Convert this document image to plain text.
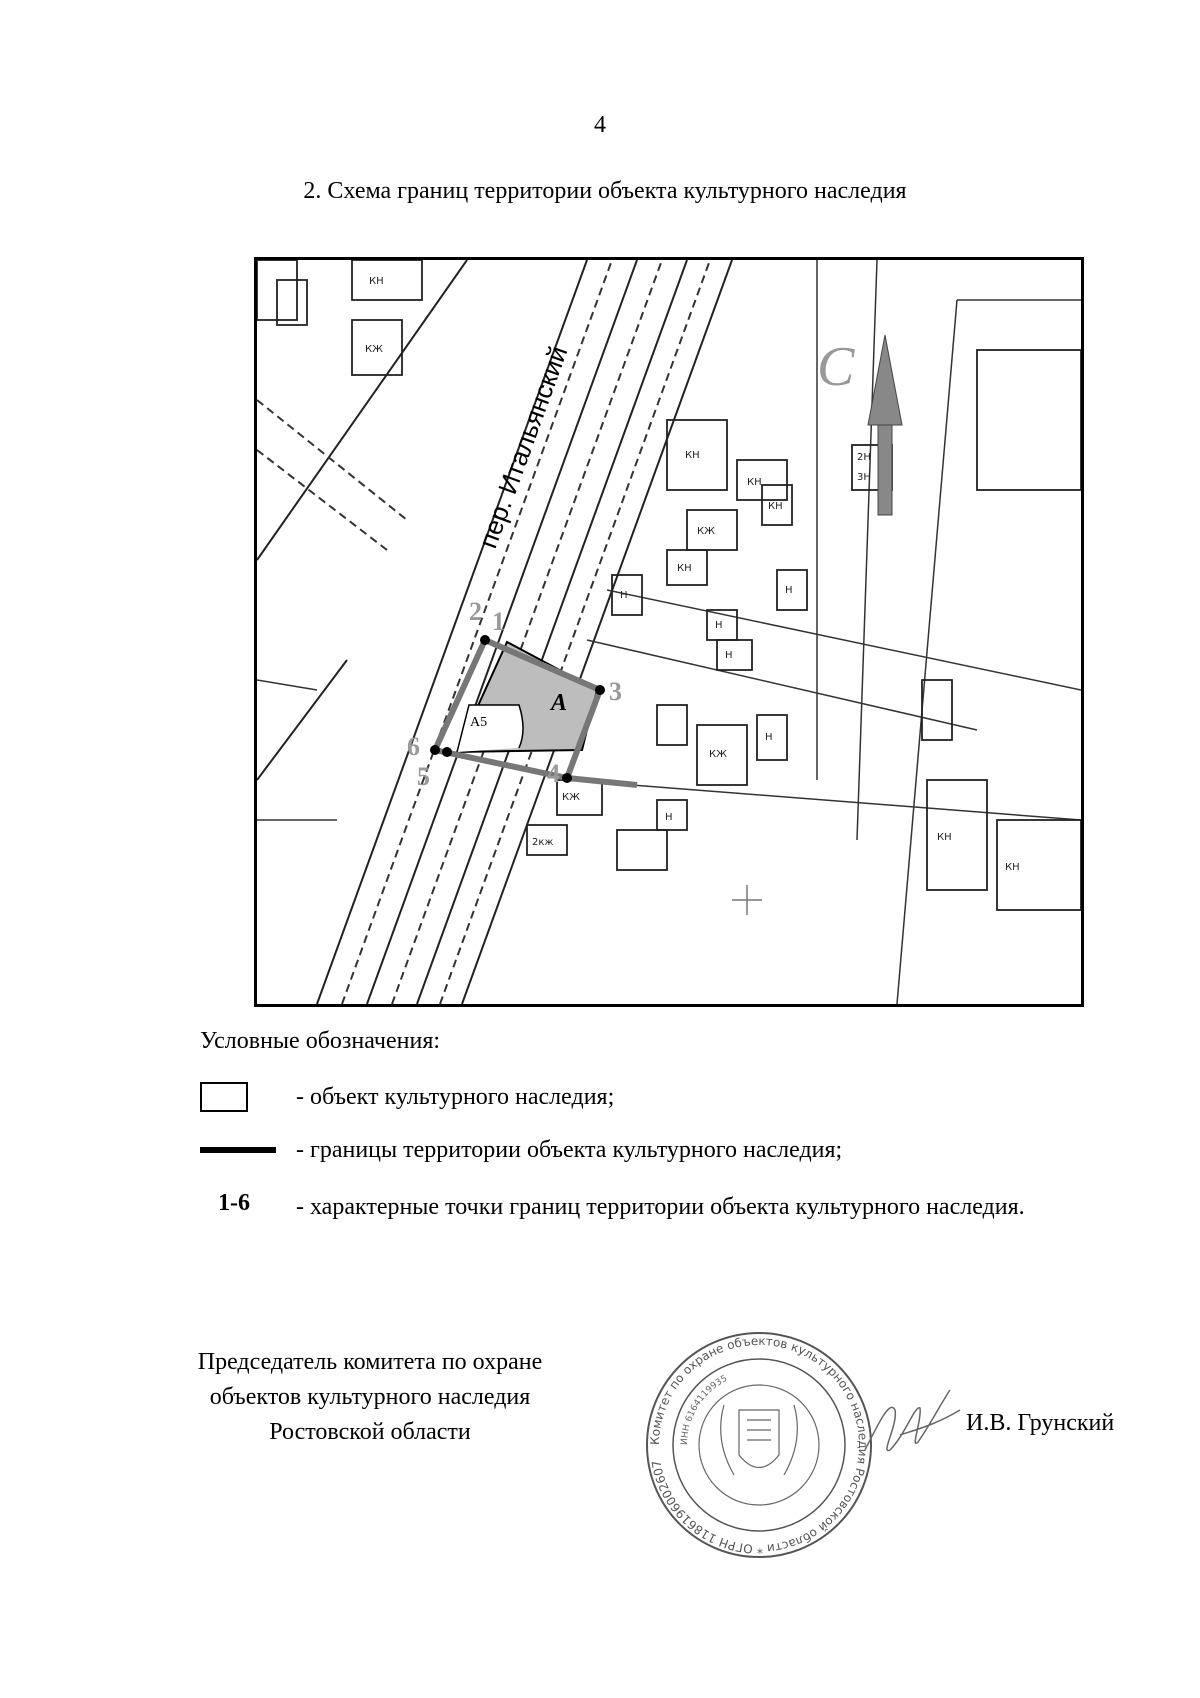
4
2. Схема границ территории объекта культурного наследия
КН
КЖ
КН
КЖ
КН
КН
КН
Н	Н
Н
Н
КЖ
Н
КН
КН
2Н
3Н
КЖ
Н
2кж
пер. Итальянский
А
А5
1
2
3
4
5
6
С
Условные обозначения:
- объект культурного наследия;
- границы территории объекта культурного наследия;
1-6 - характерные точки границ территории объекта культурного наследия.
Председатель комитета по охране объектов культурного наследия Ростовской области	Комитет по охране объектов культурного наследия Ростовской области * ОГРН 1186196002607
ИНН 6164119935
И.В. Грунский
